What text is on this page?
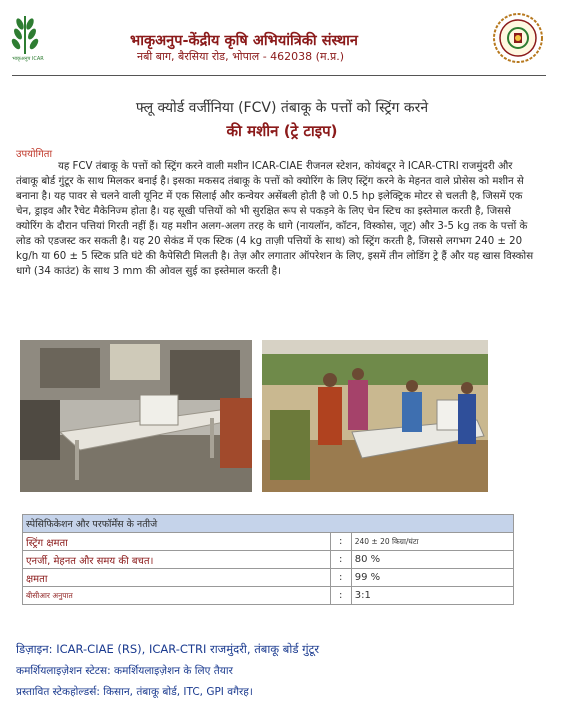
भाकृअनुप ICAR
भाकृअनुप-केंद्रीय कृषि अभियांत्रिकी संस्थान
नबी बाग, बैरसिया रोड, भोपाल - 462038 (म.प्र.)
फ्लू क्योर्ड वर्जीनिया (FCV) तंबाकू के पत्तों को स्ट्रिंग करने
की मशीन (ट्रे टाइप)
उपयोगिता

यह FCV तंबाकू के पत्तों को स्ट्रिंग करने वाली मशीन ICAR-CIAE रीजनल स्टेशन, कोयंबटूर ने ICAR-CTRI राजमुंदरी और तंबाकू बोर्ड गुंटूर के साथ मिलकर बनाई है। इसका मकसद तंबाकू के पत्तों को क्योरिंग के लिए स्ट्रिंग करने के मेहनत वाले प्रोसेस को मशीन से बनाना है। यह पावर से चलने वाली यूनिट में एक सिलाई और कन्वेयर असेंबली होती है जो 0.5 hp इलेक्ट्रिक मोटर से चलती है, जिसमें एक चेन, ड्राइव और रैचेट मैकेनिज्म होता है। यह सूखी पत्तियों को भी सुरक्षित रूप से पकड़ने के लिए चेन स्टिच का इस्तेमाल करती है, जिससे क्योरिंग के दौरान पत्तियां गिरती नहीं हैं। यह मशीन अलग-अलग तरह के धागे (नायलॉन, कॉटन, विस्कोस, जूट) और 3-5 kg तक के पत्तों के लोड को एडजस्ट कर सकती है। यह 20 सेकंड में एक स्टिक (4 kg ताज़ी पत्तियों के साथ) को स्ट्रिंग करती है, जिससे लगभग 240 ± 20 kg/h या 60 ± 5 स्टिक प्रति घंटे की कैपेसिटी मिलती है। तेज़ और लगातार ऑपरेशन के लिए, इसमें तीन लोडिंग ट्रे हैं और यह खास विस्कोस धागे (34 काउंट) के साथ 3 mm की ओवल सुई का इस्तेमाल करती है।

स्पेसिफिकेशन और परफॉर्मेंस के नतीजे		
स्ट्रिंग क्षमता	:	240 ± 20 किग्रा/घंटा
एनर्जी, मेहनत और समय की बचत।	:	80 %
क्षमता	:	99 %
बीसीआर अनुपात	:	3:1
डिज़ाइन: ICAR-CIAE (RS), ICAR-CTRI राजमुंदरी, तंबाकू बोर्ड गुंटूर
कमर्शियलाइज़ेशन स्टेटस: कमर्शियलाइज़ेशन के लिए तैयार
प्रस्तावित स्टेकहोल्डर्स: किसान, तंबाकू बोर्ड, ITC, GPI वगैरह।
